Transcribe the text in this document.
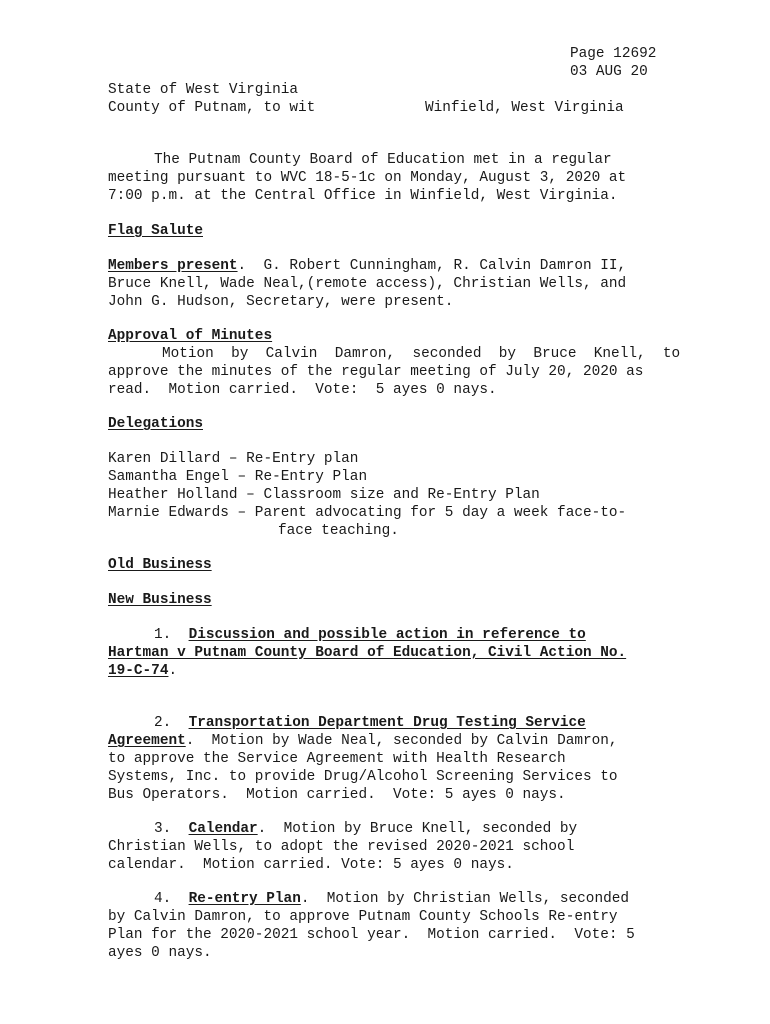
Page 12692
03 AUG 20
State of West Virginia
County of Putnam, to wit	Winfield, West Virginia
The Putnam County Board of Education met in a regular
meeting pursuant to WVC 18-5-1c on Monday, August 3, 2020 at
7:00 p.m. at the Central Office in Winfield, West Virginia.
Flag Salute
Members present.  G. Robert Cunningham, R. Calvin Damron II,
Bruce Knell, Wade Neal,(remote access), Christian Wells, and
John G. Hudson, Secretary, were present.
Approval of Minutes
Motion  by  Calvin  Damron,  seconded  by  Bruce  Knell,  to
approve the minutes of the regular meeting of July 20, 2020 as
read.  Motion carried.  Vote:  5 ayes 0 nays.
Delegations
Karen Dillard – Re-Entry plan
Samantha Engel – Re-Entry Plan
Heather Holland – Classroom size and Re-Entry Plan
Marnie Edwards – Parent advocating for 5 day a week face-to-
face teaching.
Old Business
New Business
1. Discussion and possible action in reference to
Hartman v Putnam County Board of Education, Civil Action No.
19-C-74.
2. Transportation Department Drug Testing Service
Agreement.  Motion by Wade Neal, seconded by Calvin Damron,
to approve the Service Agreement with Health Research
Systems, Inc. to provide Drug/Alcohol Screening Services to
Bus Operators.  Motion carried.  Vote: 5 ayes 0 nays.
3. Calendar.  Motion by Bruce Knell, seconded by
Christian Wells, to adopt the revised 2020-2021 school
calendar.  Motion carried. Vote: 5 ayes 0 nays.
4. Re-entry Plan.  Motion by Christian Wells, seconded
by Calvin Damron, to approve Putnam County Schools Re-entry
Plan for the 2020-2021 school year.  Motion carried.  Vote: 5
ayes 0 nays.
